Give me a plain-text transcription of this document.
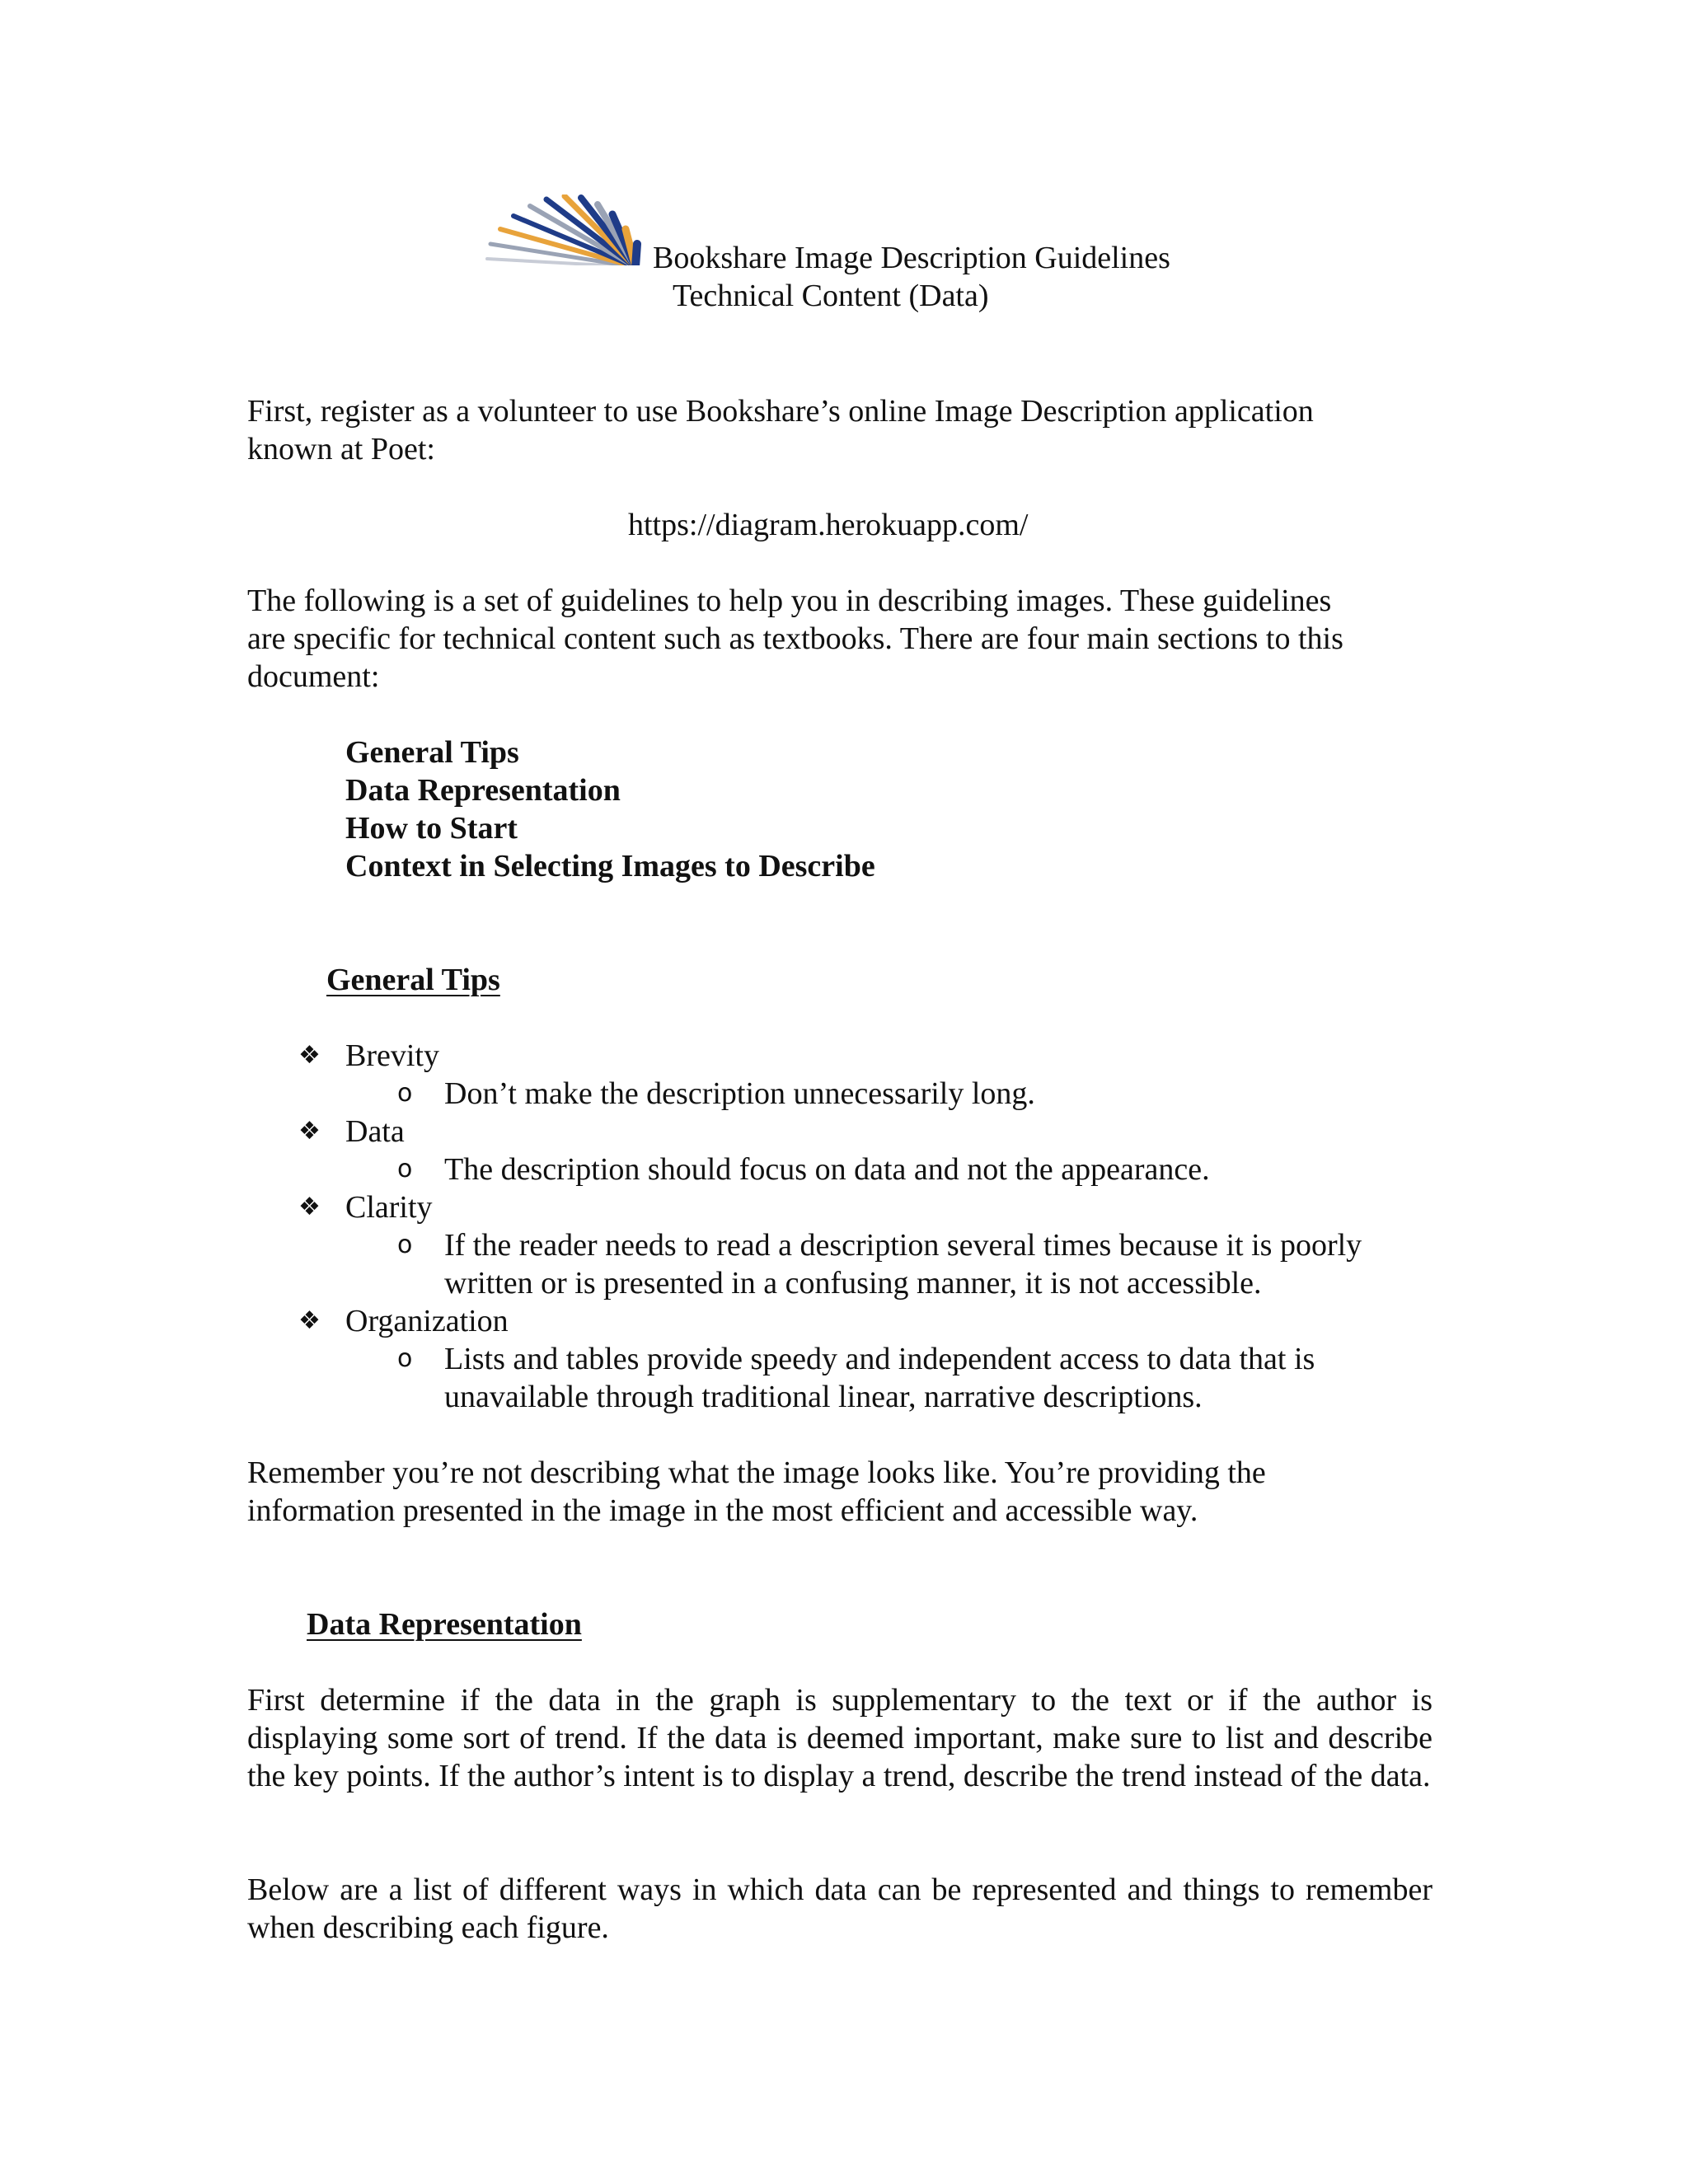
Bookshare Image Description Guidelines
Technical Content (Data)
First, register as a volunteer to use Bookshare’s online Image Description application
known at Poet:
https://diagram.herokuapp.com/
The following is a set of guidelines to help you in describing images. These guidelines
are specific for technical content such as textbooks. There are four main sections to this
document:
General Tips
Data Representation
How to Start
Context in Selecting Images to Describe
General Tips
❖ Brevity
o Don’t make the description unnecessarily long.
❖ Data
o The description should focus on data and not the appearance.
❖ Clarity
o If the reader needs to read a description several times because it is poorly
written or is presented in a confusing manner, it is not accessible.
❖ Organization
o Lists and tables provide speedy and independent access to data that is
unavailable through traditional linear, narrative descriptions.
Remember you’re not describing what the image looks like. You’re providing the
information presented in the image in the most efficient and accessible way.
Data Representation
First determine if the data in the graph is supplementary to the text or if the author is displaying some sort of trend. If the data is deemed important, make sure to list and describe the key points. If the author’s intent is to display a trend, describe the trend instead of the data.
Below are a list of different ways in which data can be represented and things to remember when describing each figure.
